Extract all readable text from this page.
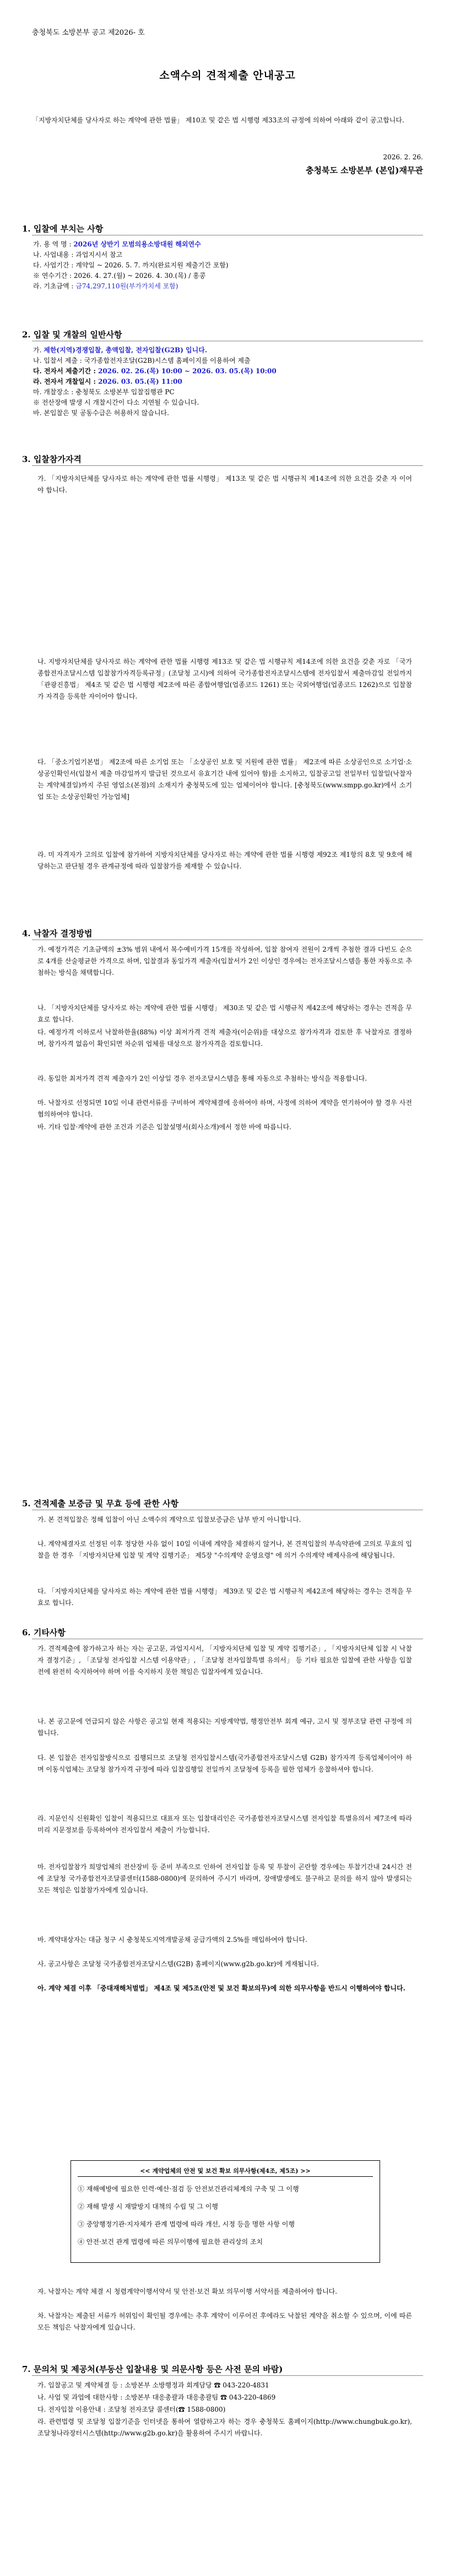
충청북도 소방본부 공고 제2026- 호
소액수의 견적제출 안내공고
「지방자치단체를 당사자로 하는 계약에 관한 법률」 제10조 및 같은 법 시행령 제33조의 규정에 의하여 아래와 같이 공고합니다.
2026. 2. 26.
충청북도 소방본부 (본입)재무관
1. 입찰에 부치는 사항
가. 용 역 명 : 2026년 상반기 모범의용소방대원 해외연수
나. 사업내용 : 과업지시서 참고
다. 사업기간 : 계약일 ~ 2026. 5. 7. 까지(완료지원 제출기간 포함)
※ 연수기간 : 2026. 4. 27.(월) ~ 2026. 4. 30.(목) / 홍콩
라. 기초금액 : 금74,297,110원(부가가치세 포함)
2. 입찰 및 개찰의 일반사항
가. 제한(지역)경쟁입찰, 총액입찰, 전자입찰(G2B) 입니다.
나. 입찰서 제출 : 국가종합전자조달(G2B)시스템 홈페이지를 이용하여 제출
다. 전자서 제출기간 : 2026. 02. 26.(목) 10:00 ~ 2026. 03. 05.(목) 10:00
라. 전자서 개찰일시 : 2026. 03. 05.(목) 11:00
마. 개찰장소 : 충청북도 소방본부 입찰집행관 PC
※ 전산장애 발생 시 개찰시간이 다소 지연될 수 있습니다.
바. 본입찰은 및 공동수급은 허용하지 않습니다.
3. 입찰참가자격
가. 「지방자치단체를 당사자로 하는 계약에 관한 법률 시행령」 제13조 및 같은 법 시행규칙 제14조에 의한 요건을 갖춘 자 이어야 합니다.
나. 지방자치단체를 당사자로 하는 계약에 관한 법률 시행령 제13조 및 같은 법 시행규칙 제14조에 의한 요건을 갖춘 자로 「국가종합전자조달시스템 입찰참가자격등록규정」(조달청 고시)에 의하여 국가종합전자조달시스템에 전자입찰서 제출마감일 전일까지 「관광진흥법」 제4조 및 같은 법 시행령 제2조에 따른 종합여행업(업종코드 1261) 또는 국외여행업(업종코드 1262)으로 입찰참가 자격을 등록한 자이어야 합니다.
다. 「중소기업기본법」 제2조에 따른 소기업 또는 「소상공인 보호 및 지원에 관한 법률」 제2조에 따른 소상공인으로 소기업·소상공인확인서(입찰서 제출 마감일까지 발급된 것으로서 유효기간 내에 있어야 함)를 소지하고, 입찰공고일 전일부터 입찰일(낙찰자는 계약체결일)까지 주된 영업소(본점)의 소재지가 충청북도에 있는 업체이어야 합니다. [충청북도(www.smpp.go.kr)에서 소기업 또는 소상공인확인 가능업체]
라. 미 자격자가 고의로 입찰에 참가하여 지방자치단체를 당사자로 하는 계약에 관한 법률 시행령 제92조 제1항의 8호 및 9호에 해당하는고 판단될 경우 관계규정에 따라 입찰참가를 제재할 수 있습니다.
4. 낙찰자 결정방법
가. 예정가격은 기초금액의 ±3% 범위 내에서 복수예비가격 15개를 작성하여, 입찰 참여자 전원이 2개씩 추첨한 결과 다빈도 순으로 4개를 산술평균한 가격으로 하며, 입찰결과 동일가격 제출자(입찰서가 2인 이상인 경우에는 전자조달시스템을 통한 자동으로 추첨하는 방식을 채택합니다.
나. 「지방자치단체를 당사자로 하는 계약에 관한 법률 시행령」 제30조 및 같은 법 시행규칙 제42조에 해당하는 경우는 견적을 무효로 합니다.
다. 예정가격 이하로서 낙찰하한율(88%) 이상 최저가격 견적 제출자(이순위)를 대상으로 참가자격과 검토한 후 낙찰자로 결정하며, 참가자격 없음이 확인되면 차순위 업체를 대상으로 참가자격을 검토합니다.
라. 동일한 최저가격 견적 제출자가 2인 이상일 경우 전자조달시스템을 통해 자동으로 추첨하는 방식을 적용합니다.
마. 낙찰자로 선정되면 10일 이내 관련서류를 구비하여 계약체결에 응하여야 하며, 사정에 의하여 계약을 연기하여야 할 경우 사전 협의하여야 합니다.
바. 기타 입찰·계약에 관한 조건과 기준은 입찰설명서(회사소개)에서 정한 바에 따릅니다.
5. 견적제출 보증금 및 무효 등에 관한 사항
가. 본 견적입찰은 정해 입찰이 아닌 소액수의 계약으로 입찰보증금은 납부 받지 아니합니다.
나. 계약체결자로 선정된 이후 정당한 사유 없이 10일 이내에 계약을 체결하지 않거나, 본 견적입찰의 부속약관에 고의로 무효의 입찰을 한 경우 「지방자치단체 입찰 및 계약 집행기준」 제5장 "수의계약 운영요령" 에 의거 수의계약 배제사유에 해당됩니다.
다. 「지방자치단체를 당사자로 하는 계약에 관한 법률 시행령」 제39조 및 같은 법 시행규칙 제42조에 해당하는 경우는 견적을 무효로 합니다.
6. 기타사항
가. 견적제출에 참가하고자 하는 자는 공고문, 과업지시서, 「지방자치단체 입찰 및 계약 집행기준」, 「지방자치단체 입찰 시 낙찰자 결정기준」, 「조달청 전자입찰 시스템 이용약관」, 「조달청 전자입찰특별 유의서」 등 기타 필요한 입찰에 관한 사항을 입찰 전에 완전히 숙지하여야 하며 이를 숙지하지 못한 책임은 입찰자에게 있습니다.
나. 본 공고문에 언급되지 않은 사항은 공고일 현재 적용되는 지방계약법, 행정안전부 회계 예규, 고시 및 정부조달 관련 규정에 의합니다.
다. 본 입찰은 전자입찰방식으로 집행되므로 조달청 전자입찰시스템(국가종합전자조달시스템 G2B) 참가자격 등록업체이어야 하며 이동식업체는 조달청 참가자격 규정에 따라 입찰집행일 전일까지 조달청에 등록을 필한 업체가 응찰하셔야 합니다.
라. 지문인식 신원확인 입찰이 적용되므로 대표자 또는 입찰대리인은 국가종합전자조달시스템 전자입찰 특별유의서 제7조에 따라 미리 지문정보를 등록하여야 전자입찰서 제출이 가능합니다.
마. 전자입찰참가 희망업체의 전산장비 등 준비 부족으로 인하여 전자입찰 등록 및 투찰이 곤란할 경우에는 투찰기간내 24시간 전에 조달청 국가종합전자조달콜센터(1588-0800)에 문의하여 주시기 바라며, 장애발생에도 불구하고 문의를 하지 않아 발생되는 모든 책임은 입찰참가자에게 있습니다.
바. 계약대상자는 대금 청구 시 충청북도지역개발공채 공급가액의 2.5%를 매입하여야 합니다.
사. 공고사항은 조달청 국가종합전자조달시스템(G2B) 홈페이지(www.g2b.go.kr)에 게재됩니다.
아. 계약 체결 이후 「중대재해처벌법」 제4조 및 제5조(안전 및 보건 확보의무)에 의한 의무사항을 반드시 이행하여야 합니다.
<< 계약업체의 안전 및 보건 확보 의무사항(제4조, 제5조) >>
① 재해예방에 필요한 인력·예산·점검 등 안전보건관리체계의 구축 및 그 이행
② 재해 발생 시 재발방지 대책의 수립 및 그 이행
③ 중앙행정기관·지자체가 관계 법령에 따라 개선, 시정 등을 명한 사항 이행
④ 안전·보건 관계 법령에 따른 의무이행에 필요한 관리상의 조치
자. 낙찰자는 계약 체결 시 청렴계약이행서약서 및 안전·보건 확보 의무이행 서약서를 제출하여야 합니다.
차. 낙찰자는 제출된 서류가 허위임이 확인될 경우에는 추후 계약이 이루어진 후에라도 낙찰된 계약을 취소할 수 있으며, 이에 따른 모든 책임은 낙찰자에게 있습니다.
7. 문의처 및 제공처(부동산 입찰내용 및 의문사항 등은 사전 문의 바람)
가. 입찰공고 및 계약체결 등 : 소방본부 소방행정과 회계담당 ☎ 043-220-4831
나. 사업 및 과업에 대한사항 : 소방본부 대응총괄과 대응총괄팀 ☎ 043-220-4869
다. 전자입찰 이용안내 : 조달청 전자조달 콜센터(☎ 1588-0800)
라. 관련법령 및 조달청 입찰기준을 인터넷을 통하여 열람하고자 하는 경우 충청북도 홈페이지(http://www.chungbuk.go.kr), 조달청나라장터시스템(http://www.g2b.go.kr)을 활용하여 주시기 바랍니다.
